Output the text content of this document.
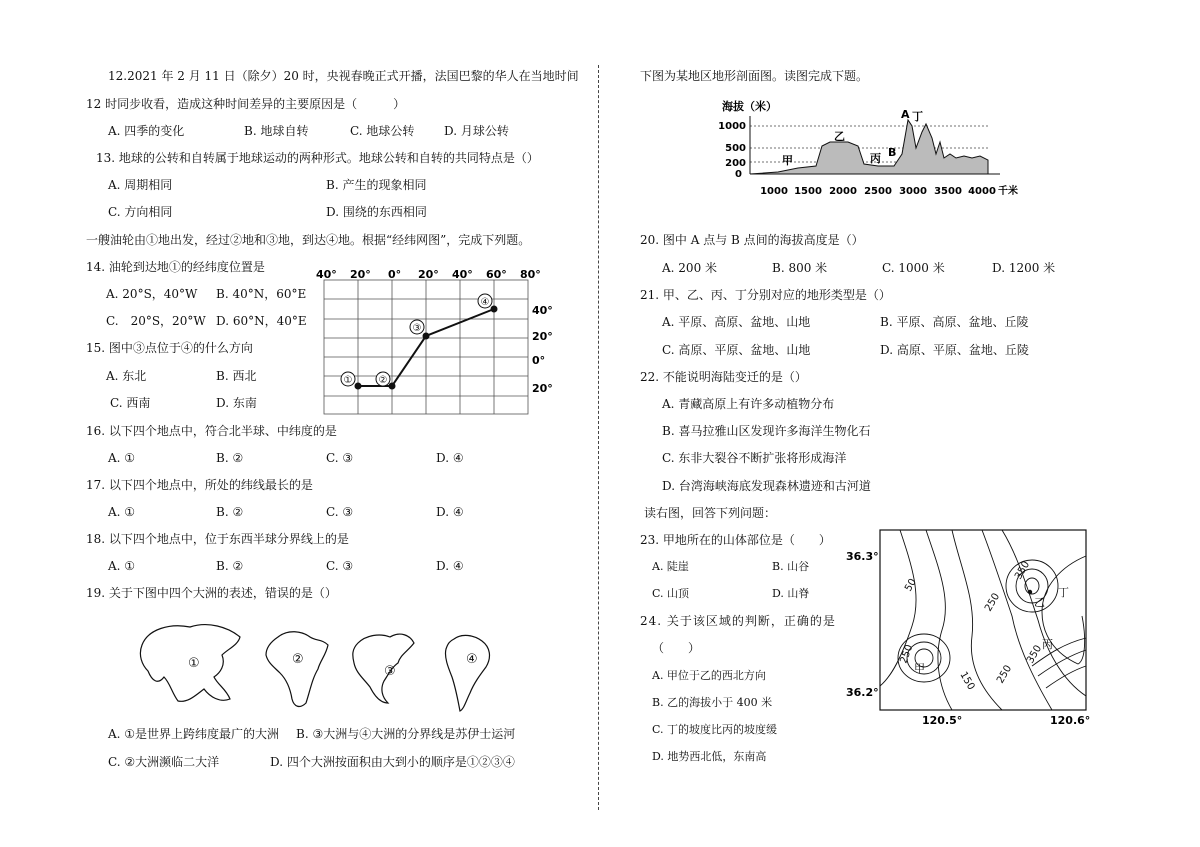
12.2021 年 2 月 11 日（除夕）20 时，央视春晚正式开播，法国巴黎的华人在当地时间
12 时同步收看，造成这种时间差异的主要原因是（　　　）
A. 四季的变化	B. 地球自转	C. 地球公转 D. 月球公转
13. 地球的公转和自转属于地球运动的两种形式。地球公转和自转的共同特点是（）
A. 周期相同	B. 产生的现象相同
C. 方向相同	D. 围绕的东西相同
一艘油轮由①地出发，经过②地和③地，到达④地。根据“经纬网图”，完成下列题。
14. 油轮到达地①的经纬度位置是
A. 20°S，40°W B. 40°N，60°E
C.　20°S，20°W D. 60°N，40°E
15. 图中③点位于④的什么方向
A. 东北	B. 西北
C. 西南	D. 东南
40° 20° 0° 20° 40° 60° 80°
40°
20°
0°
20°
①	②
③
④
16. 以下四个地点中，符合北半球、中纬度的是
A. ①	B. ②	C. ③	D. ④
17. 以下四个地点中，所处的纬线最长的是
A. ①	B. ②	C. ③	D. ④
18. 以下四个地点中，位于东西半球分界线上的是
A. ①	B. ②	C. ③	D. ④
19. 关于下图中四个大洲的表述，错误的是（）
①	②
③
④
A. ①是世界上跨纬度最广的大洲 B. ③大洲与④大洲的分界线是苏伊士运河
C. ②大洲濒临二大洋	D. 四个大洲按面积由大到小的顺序是①②③④
下图为某地区地形剖面图。读图完成下题。
海拔（米）
1000
500
200
0
1000 1500 2000 2500 3000 3500 4000 千米
甲
乙
丙
丁
A
B
20. 图中 A 点与 B 点间的海拔高度是（）
A. 200 米	B. 800 米	C. 1000 米	D. 1200 米
21. 甲、乙、丙、丁分别对应的地形类型是（）
A. 平原、高原、盆地、山地	B. 平原、高原、盆地、丘陵
C. 高原、平原、盆地、山地	D. 高原、平原、盆地、丘陵
22. 不能说明海陆变迁的是（）
A. 青藏高原上有许多动植物分布
B. 喜马拉雅山区发现许多海洋生物化石
C. 东非大裂谷不断扩张将形成海洋
D. 台湾海峡海底发现森林遗迹和古河道
读右图，回答下列问题：
23. 甲地所在的山体部位是（　　）
A. 陡崖	B. 山谷
C. 山顶	D. 山脊
24. 关于该区域的判断，正确的是
（　　）
A. 甲位于乙的西北方向
B. 乙的海拔小于 400 米
C. 丁的坡度比丙的坡度缓
D. 地势西北低，东南高
36.3°
36.2°
120.5°	120.6°
50
250
250
350
150 250
350
甲
乙
丙
丁
